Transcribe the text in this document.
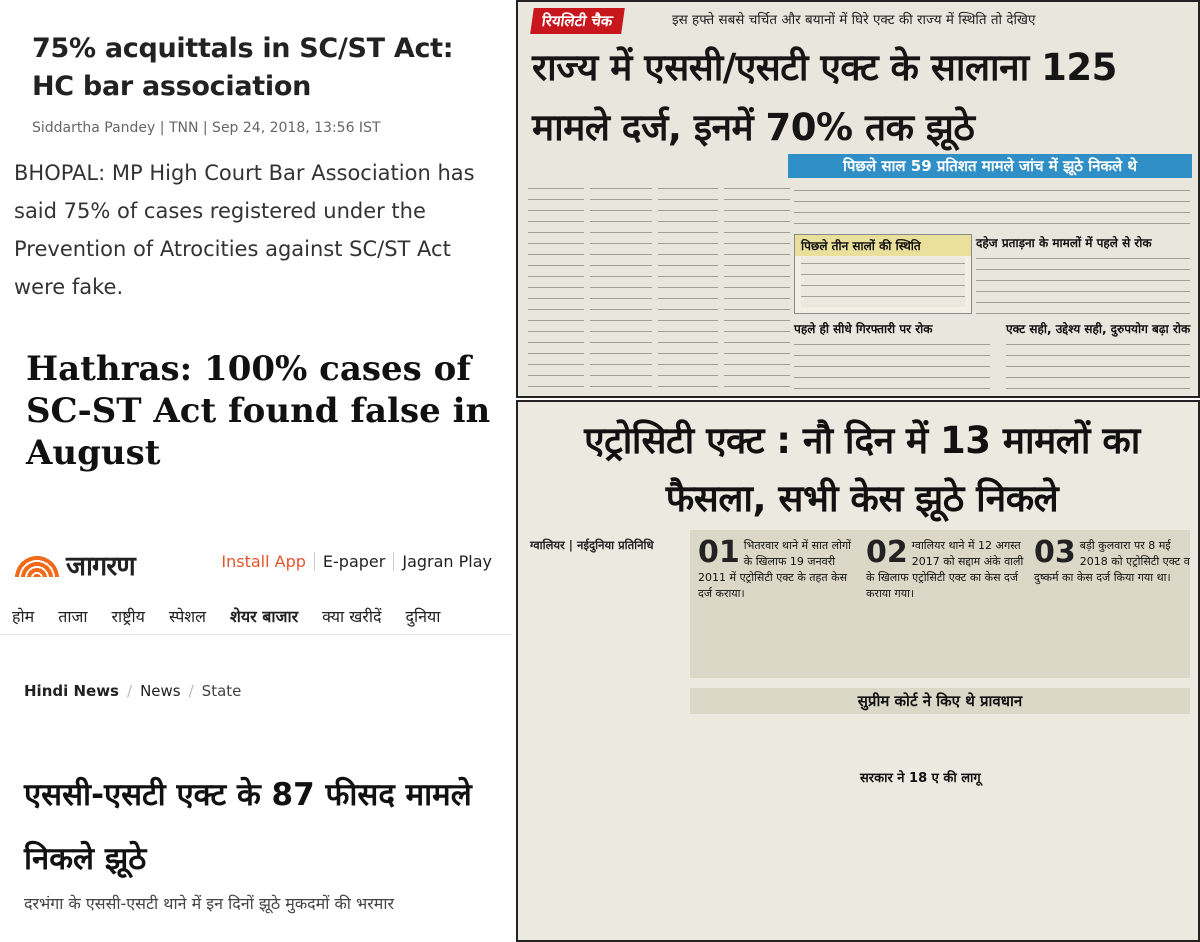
75% acquittals in SC/ST Act: HC bar association
Siddartha Pandey | TNN | Sep 24, 2018, 13:56 IST

BHOPAL: MP High Court Bar Association has said 75% of cases registered under the Prevention of Atrocities against SC/ST Act were fake.

Hathras: 100% cases of SC-ST Act found false in August
जागरण	Install App	E-paper	Jagran Play
होम	ताजा	राष्ट्रीय	स्पेशल	शेयर बाजार	क्या खरीदें	दुनिया
Hindi News / News / State
एससी-एसटी एक्ट के 87 फीसद मामले निकले झूठे
दरभंगा के एससी-एसटी थाने में इन दिनों झूठे मुकदमों की भरमार
रियलिटी चैक	इस हफ्ते सबसे चर्चित और बयानों में घिरे एक्ट की राज्य में स्थिति तो देखिए
राज्य में एससी/एसटी एक्ट के सालाना 125 मामले दर्ज, इनमें 70% तक झूठे
पिछले साल 59 प्रतिशत मामले जांच में झूठे निकले थे
पिछले तीन सालों की स्थिति	दहेज प्रताड़ना के मामलों में पहले से रोक
पहले ही सीधे गिरफ्तारी पर रोक	एक्ट सही, उद्देश्य सही, दुरुपयोग बढ़ा रोक
एट्रोसिटी एक्ट : नौ दिन में 13 मामलों का फैसला, सभी केस झूठे निकले
ग्वालियर | नईदुनिया प्रतिनिधि 01 भितरवार थाने में सात लोगों के खिलाफ 19 जनवरी 2011 में एट्रोसिटी एक्ट के तहत केस दर्ज कराया।
02 ग्वालियर थाने में 12 अगस्त 2017 को सद्दाम अंके वाली के खिलाफ एट्रोसिटी एक्ट का केस दर्ज कराया गया।
03 बड़ी कुलवारा पर 8 मई 2018 को एट्रोसिटी एक्ट व दुष्कर्म का केस दर्ज किया गया था।
सुप्रीम कोर्ट ने किए थे प्रावधान
सरकार ने 18 ए की लागू
